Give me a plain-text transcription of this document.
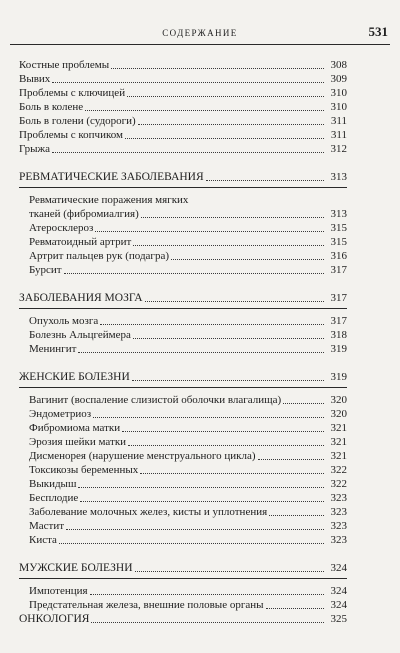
СОДЕРЖАНИЕ	531
Костные проблемы	308
Вывих	309
Проблемы с ключицей	310
Боль в колене	310
Боль в голени (судороги)	311
Проблемы с копчиком	311
Грыжа	312
РЕВМАТИЧЕСКИЕ ЗАБОЛЕВАНИЯ	313
Ревматические поражения мягких
тканей (фибромиалгия)	313
Атеросклероз	315
Ревматоидный артрит	315
Артрит пальцев рук (подагра)	316
Бурсит	317
ЗАБОЛЕВАНИЯ МОЗГА	317
Опухоль мозга	317
Болезнь Альцгеймера	318
Менингит	319
ЖЕНСКИЕ БОЛЕЗНИ	319
Вагинит (воспаление слизистой оболочки влагалища)	320
Эндометриоз	320
Фибромиома матки	321
Эрозия шейки матки	321
Дисменорея (нарушение менструального цикла)	321
Токсикозы беременных	322
Выкидыш	322
Бесплодие	323
Заболевание молочных желез, кисты и уплотнения	323
Мастит	323
Киста	323
МУЖСКИЕ БОЛЕЗНИ	324
Импотенция	324
Предстательная железа, внешние половые органы	324
ОНКОЛОГИЯ	325
